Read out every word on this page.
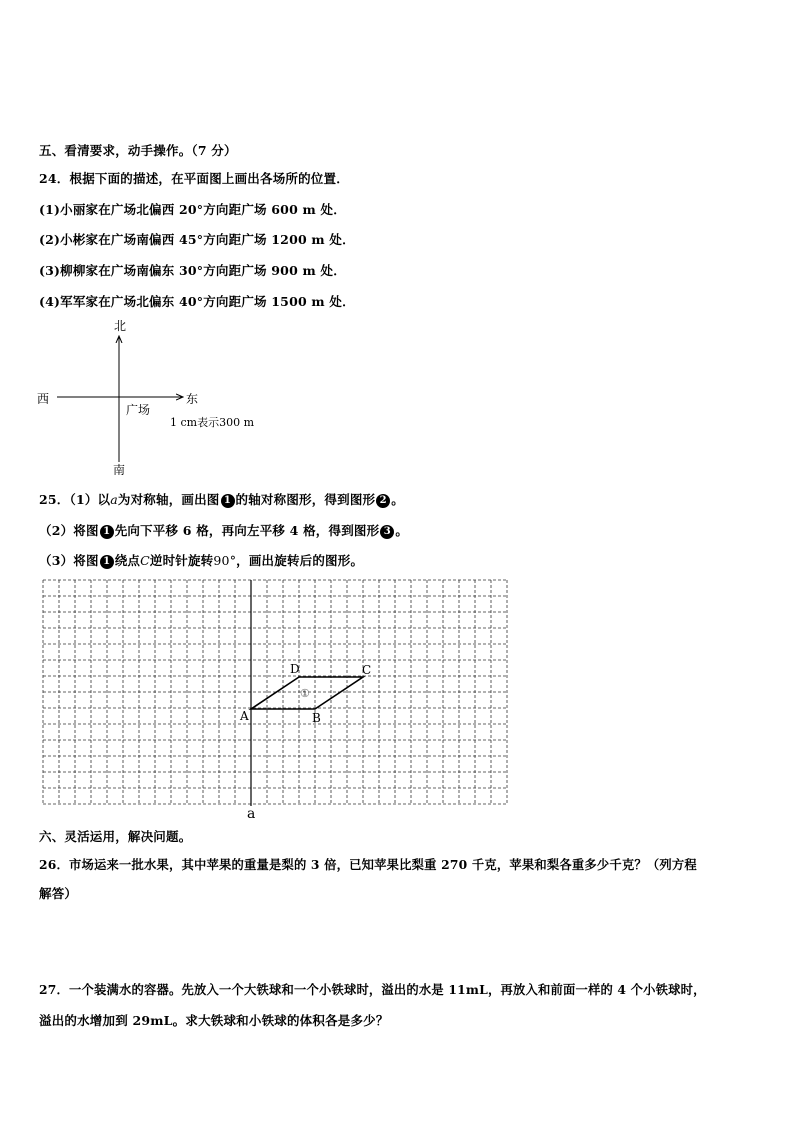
五、看清要求，动手操作。（7 分）
24．根据下面的描述，在平面图上画出各场所的位置．
(1)小丽家在广场北偏西 20°方向距广场 600 m 处．
(2)小彬家在广场南偏西 45°方向距广场 1200 m 处．
(3)柳柳家在广场南偏东 30°方向距广场 900 m 处．
(4)军军家在广场北偏东 40°方向距广场 1500 m 处．
北
南
西	东
广场
1 cm表示300 m
25．（1）以a为对称轴，画出图 1 的轴对称图形，得到图形 2 。
（2）将图 1 先向下平移 6 格，再向左平移 4 格，得到图形 3 。
（3）将图 1 绕点C逆时针旋转90°，画出旋转后的图形。
A	B
C
D
①
a
六、灵活运用，解决问题。
26．市场运来一批水果，其中苹果的重量是梨的 3 倍，已知苹果比梨重 270 千克，苹果和梨各重多少千克？（列方程
解答）
27．一个装满水的容器。先放入一个大铁球和一个小铁球时，溢出的水是 11mL，再放入和前面一样的 4 个小铁球时，
溢出的水增加到 29mL。求大铁球和小铁球的体积各是多少？
